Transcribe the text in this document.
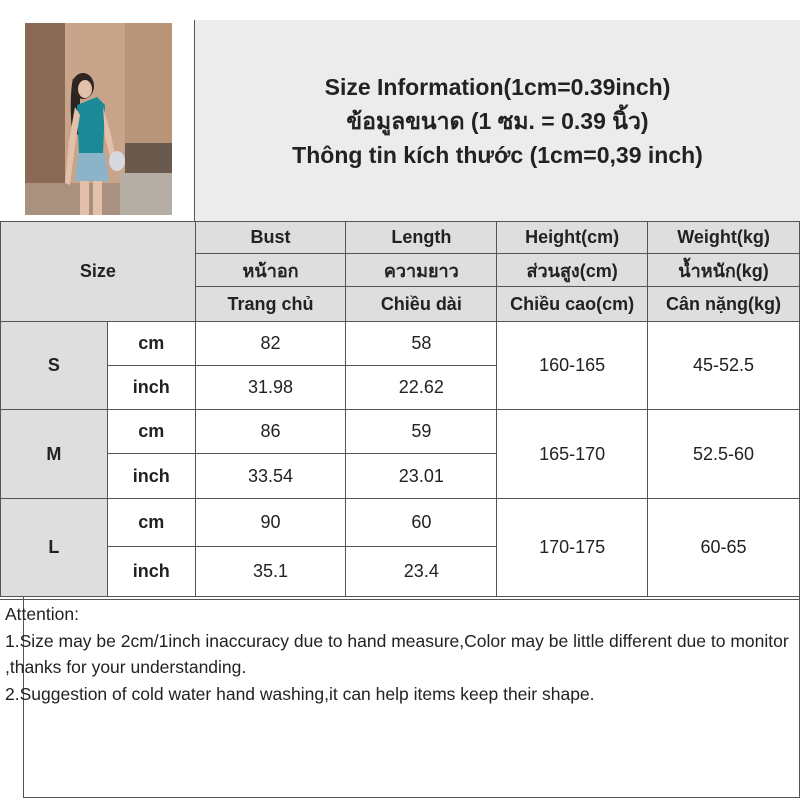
Size Information(1cm=0.39inch)
ข้อมูลขนาด (1 ซม. = 0.39 นิ้ว)
Thông tin kích thước (1cm=0,39 inch)
Size		Bust	Length	Height(cm)	Weight(kg)
		หน้าอก	ความยาว	ส่วนสูง(cm)	น้ำหนัก(kg)
		Trang chủ	Chiều dài	Chiều cao(cm)	Cân nặng(kg)
S	cm	82	58	160-165	45-52.5
	inch	31.98	22.62		
M	cm	86	59	165-170	52.5-60
	inch	33.54	23.01		
L	cm	90	60	170-175	60-65
	inch	35.1	23.4		

Attention:

1.Size may be 2cm/1inch inaccuracy due to hand measure,Color may be little different due to monitor ,thanks for your understanding.

2.Suggestion of cold water hand washing,it can help items keep their shape.
